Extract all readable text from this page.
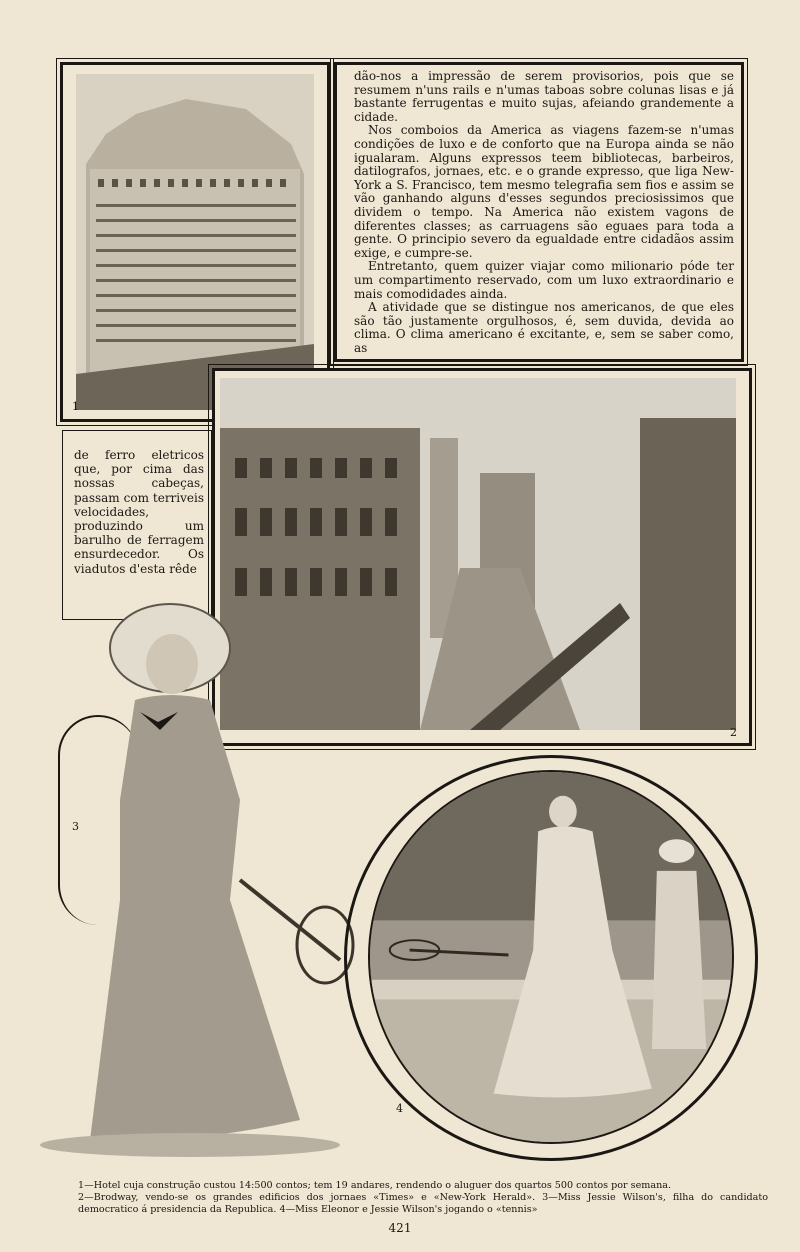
1

dão-nos a impressão de serem provisorios, pois que se resumem n'uns rails e n'umas taboas sobre colunas lisas e já bastante ferrugentas e muito sujas, afeiando grandemente a cidade.

Nos comboios da America as viagens fazem-se n'umas condições de luxo e de conforto que na Europa ainda se não igualaram. Alguns expressos teem bibliotecas, barbeiros, datilografos, jornaes, etc. e o grande expresso, que liga New-York a S. Francisco, tem mesmo telegrafia sem fios e assim se vão ganhando alguns d'esses segundos preciosissimos que dividem o tempo. Na America não existem vagons de diferentes classes; as carruagens são eguaes para toda a gente. O principio severo da egualdade entre cidadãos assim exige, e cumpre-se.

Entretanto, quem quizer viajar como milionario póde ter um compartimento reservado, com um luxo extraordinario e mais comodidades ainda.

A atividade que se distingue nos americanos, de que eles são tão justamente orgulhosos, é, sem duvida, devida ao clima. O clima americano é excitante, e, sem se saber como, as

de ferro eletricos que, por cima das nossas cabeças, passam com terriveis velocidades, produzindo um barulho de ferragem ensurdecedor. Os viadutos d'esta rêde
2
3
4

1—Hotel cuja construção custou 14:500 contos; tem 19 andares, rendendo o aluguer dos quartos 500 contos por semana.

2—Brodway, vendo-se os grandes edificios dos jornaes «Times» e «New-York Herald». 3—Miss Jessie Wilson's, filha do candidato democratico á presidencia da Republica. 4—Miss Eleonor e Jessie Wilson's jogando o «tennis»

421
